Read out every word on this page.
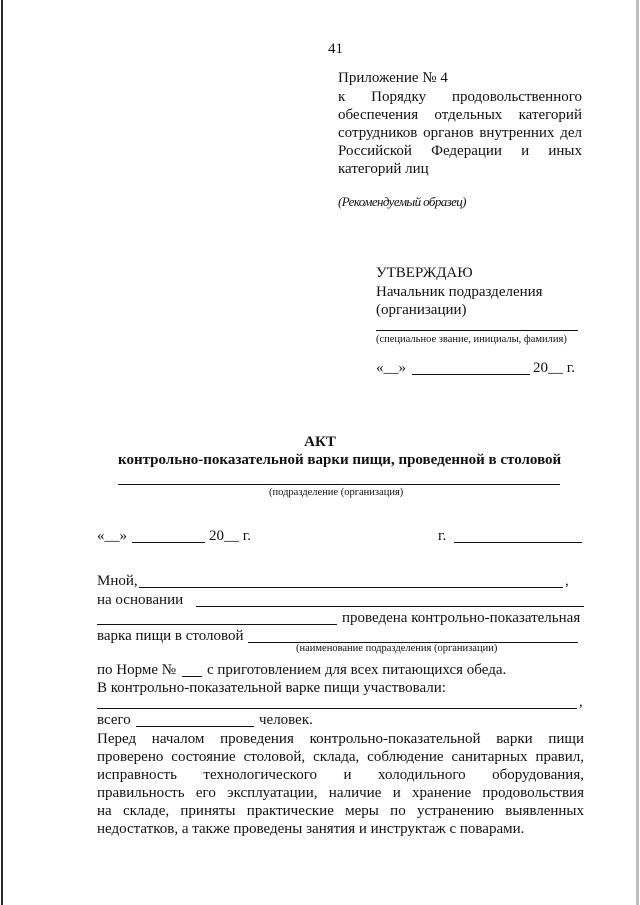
41
Приложение № 4
к Порядку продовольственного
обеспечения отдельных категорий
сотрудников органов внутренних дел
Российской Федерации и иных
категорий лиц
(Рекомендуемый образец)
УТВЕРЖДАЮ
Начальник подразделения
(организации)
(специальное звание, инициалы, фамилия)
«__»	20__ г.
АКТ
контрольно-показательной варки пищи, проведенной в столовой
(подразделение (организация)
«__»	20__ г.	г.
Мной,	,
на основании
проведена контрольно-показательная
варка пищи в столовой
(наименование подразделения (организации)
по Норме № с приготовлением для всех питающихся обеда.
В контрольно-показательной варке пищи участвовали:
,
всего	человек.
Перед началом проведения контрольно-показательной варки пищи
проверено состояние столовой, склада, соблюдение санитарных правил,
исправность технологического и холодильного оборудования,
правильность его эксплуатации, наличие и хранение продовольствия
на складе, приняты практические меры по устранению выявленных
недостатков, а также проведены занятия и инструктаж с поварами.
